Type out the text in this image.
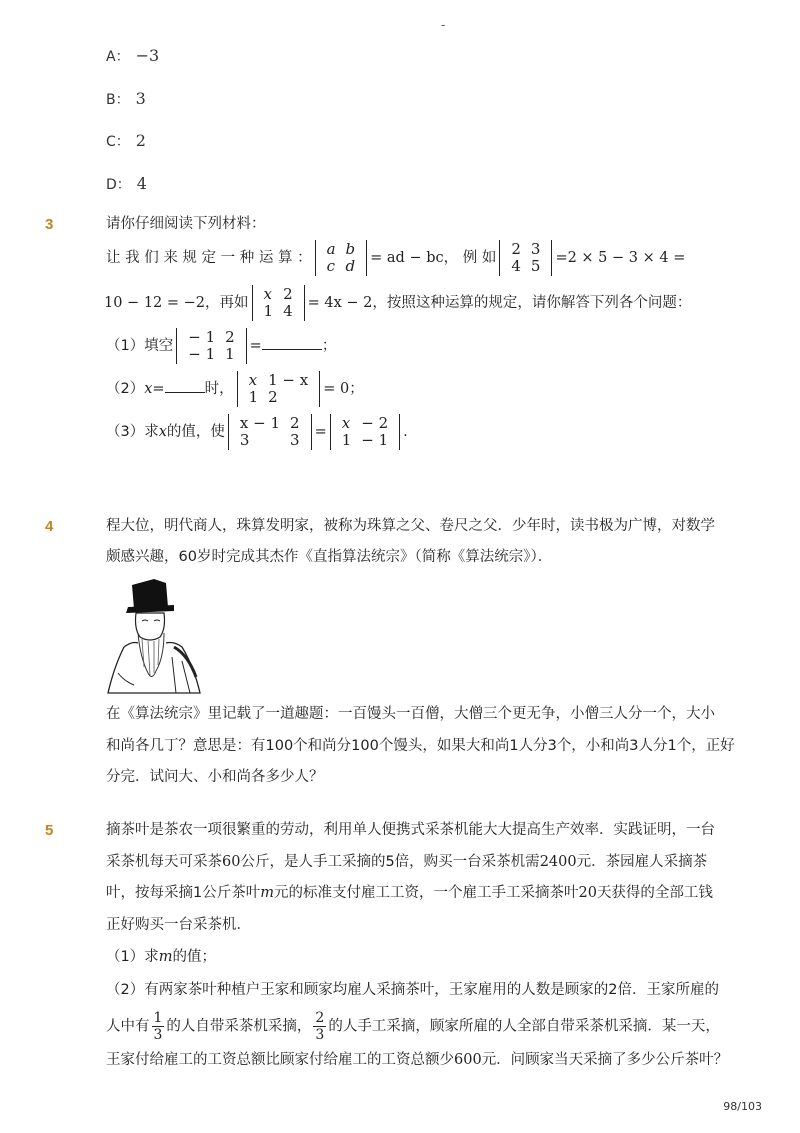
-
A： −3
B： 3
C： 2
D： 4
3	请你仔细阅读下列材料：
让 我 们 来 规 定 一 种 运 算 ： a	b
c	d = ad − bc， 例 如 2	3
4	5 =2 × 5 − 3 × 4 =
10 − 12 = −2，再如 x	2
1	4 = 4x − 2，按照这种运算的规定，请你解答下列各个问题：
（1）填空 − 1	2
− 1	1 =	；
（2）x=	时， x	1 − x
1	2	= 0；
（3）求x的值，使 x − 1	2
3	3 = x	− 2
1	− 1 .
4	程大位，明代商人，珠算发明家，被称为珠算之父、卷尺之父．少年时，读书极为广博，对数学
颇感兴趣，60岁时完成其杰作《直指算法统宗》（简称《算法统宗》）．
在《算法统宗》里记载了一道趣题：一百馒头一百僧，大僧三个更无争，小僧三人分一个，大小
和尚各几丁？意思是：有100个和尚分100个馒头，如果大和尚1人分3个，小和尚3人分1个，正好
分完．试问大、小和尚各多少人？
5	摘茶叶是茶农一项很繁重的劳动，利用单人便携式采茶机能大大提高生产效率．实践证明，一台
采茶机每天可采茶60公斤，是人手工采摘的5倍，购买一台采茶机需2400元．茶园雇人采摘茶
叶，按每采摘1公斤茶叶m元的标准支付雇工工资，一个雇工手工采摘茶叶20天获得的全部工钱
正好购买一台采茶机．
（1）求m的值；
（2）有两家茶叶种植户王家和顾家均雇人采摘茶叶，王家雇用的人数是顾家的2倍．王家所雇的
人中有 $\frac{1}{3}$ 的人自带采茶机采摘， $\frac{2}{3}$ 的人手工采摘，顾家所雇的人全部自带采茶机采摘．某一天，
王家付给雇工的工资总额比顾家付给雇工的工资总额少600元．问顾家当天采摘了多少公斤茶叶？
98/103
